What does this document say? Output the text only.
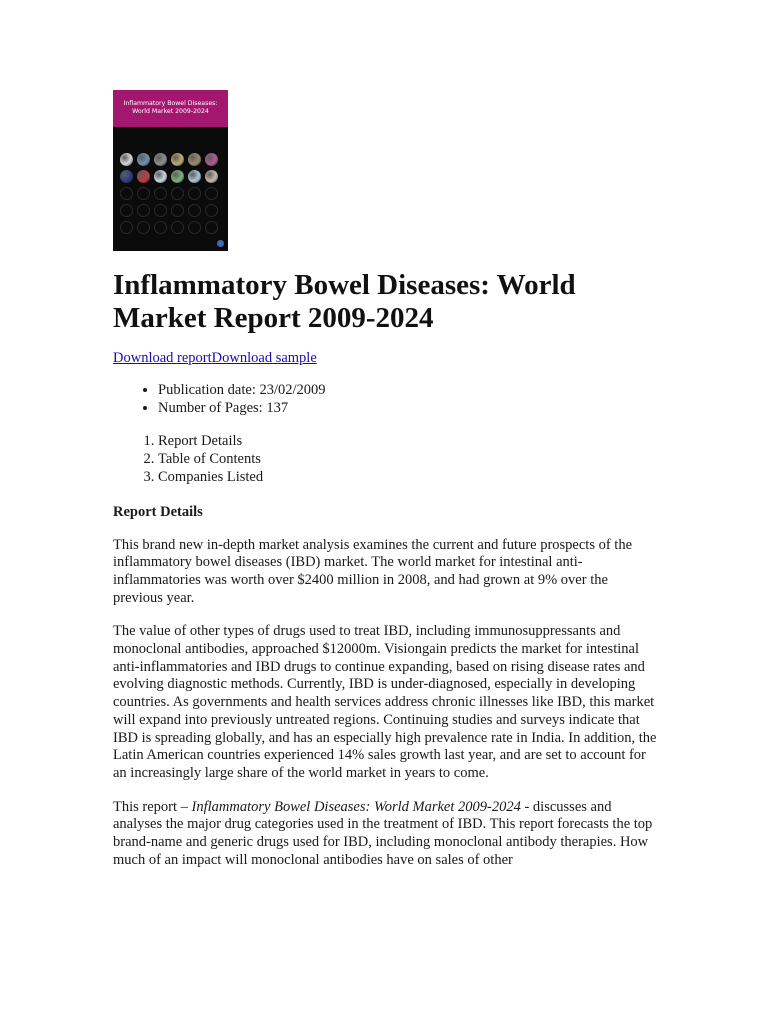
Inflammatory Bowel Diseases:
World Market 2009-2024
Inflammatory Bowel Diseases: World Market Report 2009-2024
Download reportDownload sample
• Publication date: 23/02/2009
• Number of Pages: 137
1. Report Details
2. Table of Contents
3. Companies Listed
Report Details

This brand new in-depth market analysis examines the current and future prospects of the inflammatory bowel diseases (IBD) market. The world market for intestinal anti-inflammatories was worth over $2400 million in 2008, and had grown at 9% over the previous year.

The value of other types of drugs used to treat IBD, including immunosuppressants and monoclonal antibodies, approached $12000m. Visiongain predicts the market for intestinal anti-inflammatories and IBD drugs to continue expanding, based on rising disease rates and evolving diagnostic methods. Currently, IBD is under-diagnosed, especially in developing countries. As governments and health services address chronic illnesses like IBD, this market will expand into previously untreated regions. Continuing studies and surveys indicate that IBD is spreading globally, and has an especially high prevalence rate in India. In addition, the Latin American countries experienced 14% sales growth last year, and are set to account for an increasingly large share of the world market in years to come.

This report – Inflammatory Bowel Diseases: World Market 2009-2024 - discusses and analyses the major drug categories used in the treatment of IBD. This report forecasts the top brand-name and generic drugs used for IBD, including monoclonal antibody therapies. How much of an impact will monoclonal antibodies have on sales of other
